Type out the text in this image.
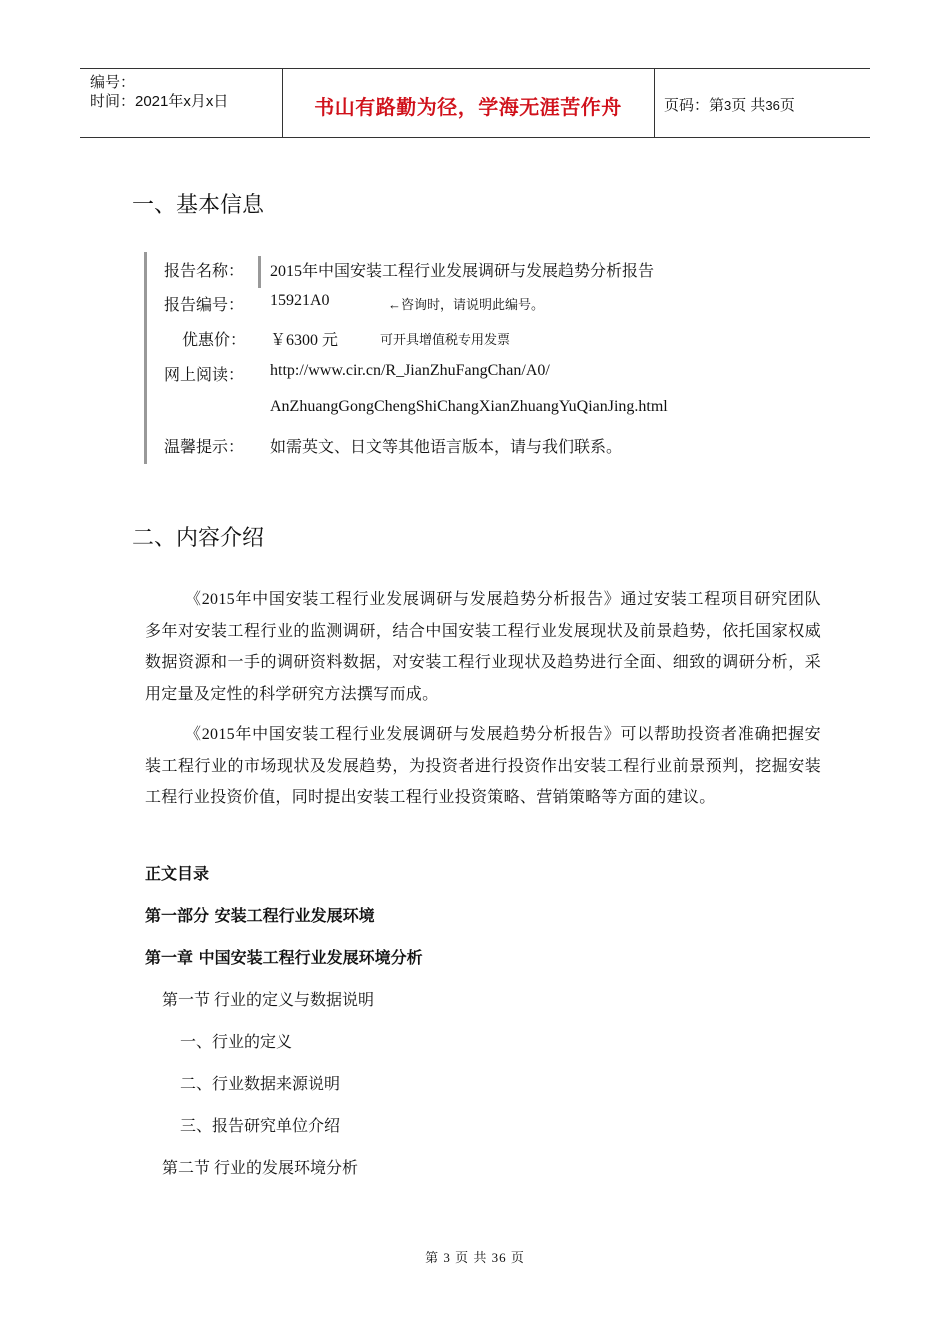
编号：
时间：2021年x月x日	书山有路勤为径，学海无涯苦作舟	页码：第3页 共36页
一、基本信息
报告名称：	2015年中国安装工程行业发展调研与发展趋势分析报告
报告编号：	15921A0	←咨询时，请说明此编号。
优惠价：	￥6300 元	可开具增值税专用发票
网上阅读：	http://www.cir.cn/R_JianZhuFangChan/A0/
AnZhuangGongChengShiChangXianZhuangYuQianJing.html
温馨提示：	如需英文、日文等其他语言版本，请与我们联系。
二、内容介绍
《2015年中国安装工程行业发展调研与发展趋势分析报告》通过安装工程项目研究团队多年对安装工程行业的监测调研，结合中国安装工程行业发展现状及前景趋势，依托国家权威数据资源和一手的调研资料数据，对安装工程行业现状及趋势进行全面、细致的调研分析，采用定量及定性的科学研究方法撰写而成。
《2015年中国安装工程行业发展调研与发展趋势分析报告》可以帮助投资者准确把握安装工程行业的市场现状及发展趋势，为投资者进行投资作出安装工程行业前景预判，挖掘安装工程行业投资价值，同时提出安装工程行业投资策略、营销策略等方面的建议。
正文目录
第一部分 安装工程行业发展环境
第一章 中国安装工程行业发展环境分析
第一节 行业的定义与数据说明
一、行业的定义
二、行业数据来源说明
三、报告研究单位介绍
第二节 行业的发展环境分析
第 3 页 共 36 页
